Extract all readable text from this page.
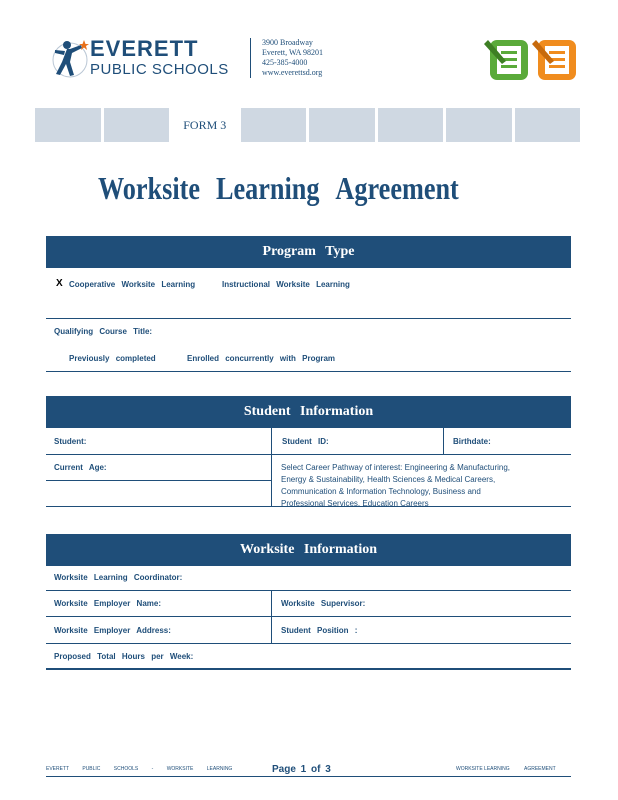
EVERETT
PUBLIC SCHOOLS
3900 Broadway
Everett, WA 98201
425-385-4000
www.everettsd.org
FORM 3
Worksite Learning Agreement
Program Type
X Cooperative Worksite Learning	Instructional Worksite Learning
Qualifying Course Title:
Previously completed	Enrolled concurrently with Program
Student Information
Student:	Student ID:	Birthdate:
Current Age:	Select Career Pathway of interest: Engineering & Manufacturing, Energy & Sustainability, Health Sciences & Medical Careers, Communication & Information Technology, Business and Professional Services, Education Careers
Worksite Information
Worksite Learning Coordinator:
Worksite Employer Name:	Worksite Supervisor:
Worksite Employer Address:	Student Position :
Proposed Total Hours per Week:
EVERETT PUBLIC SCHOOLS - WORKSITE LEARNING	Page 1 of 3	WORKSITE LEARNING	AGREEMENT
